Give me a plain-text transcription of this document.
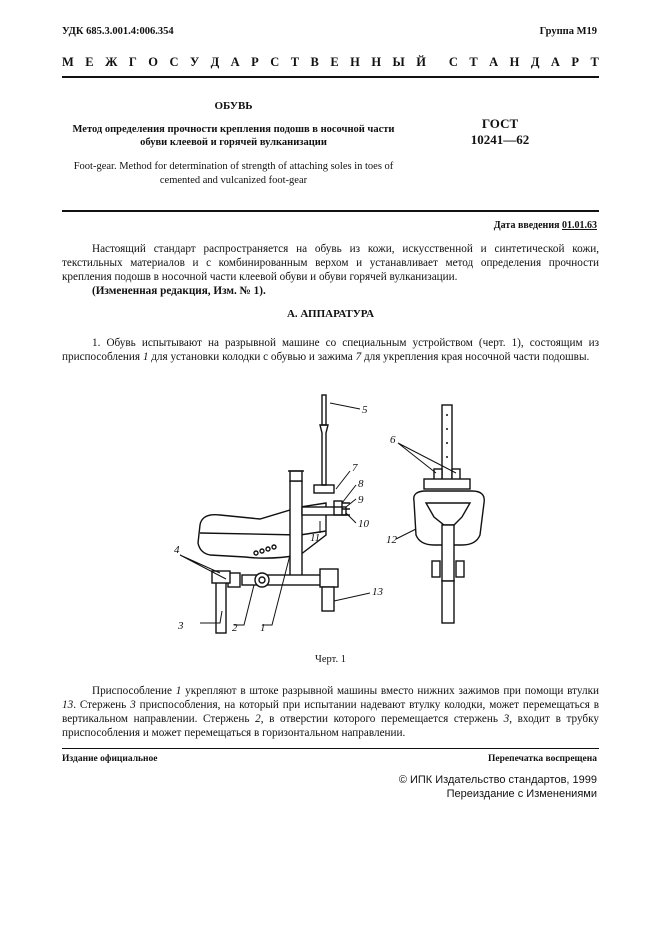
УДК 685.3.001.4:006.354	Группа М19
М Е Ж Г О С У Д А Р С Т В Е Н Н Ы Й С Т А Н Д А Р Т
ОБУВЬ
Метод определения прочности крепления подошв в носочной части обуви клеевой и горячей вулканизации
Foot-gear. Method for determination of strength of attaching soles in toes of cemented and vulcanized foot-gear
ГОСТ
10241—62
Дата введения 01.01.63
Настоящий стандарт распространяется на обувь из кожи, искусственной и синтетической кожи, текстильных материалов и с комбинированным верхом и устанавливает метод определения прочности крепления подошв в носочной части клеевой обуви и обуви горячей вулканизации.
(Измененная редакция, Изм. № 1).
А. АППАРАТУРА
1. Обувь испытывают на разрывной машине со специальным устройством (черт. 1), состоящим из приспособления 1 для установки колодки с обувью и зажима 7 для укрепления края носочной части подошвы.
1
2
3
4
5
6
7
8
9
10
11	12
13
Черт. 1
Приспособление 1 укрепляют в штоке разрывной машины вместо нижних зажимов при помощи втулки 13. Стержень 3 приспособления, на который при испытании надевают втулку колодки, может перемещаться в вертикальном направлении. Стержень 2, в отверстии которого перемещается стержень 3, входит в трубку приспособления и может перемещаться в горизонтальном направлении.
Издание официальное	Перепечатка воспрещена
© ИПК Издательство стандартов, 1999
Переиздание с Изменениями
